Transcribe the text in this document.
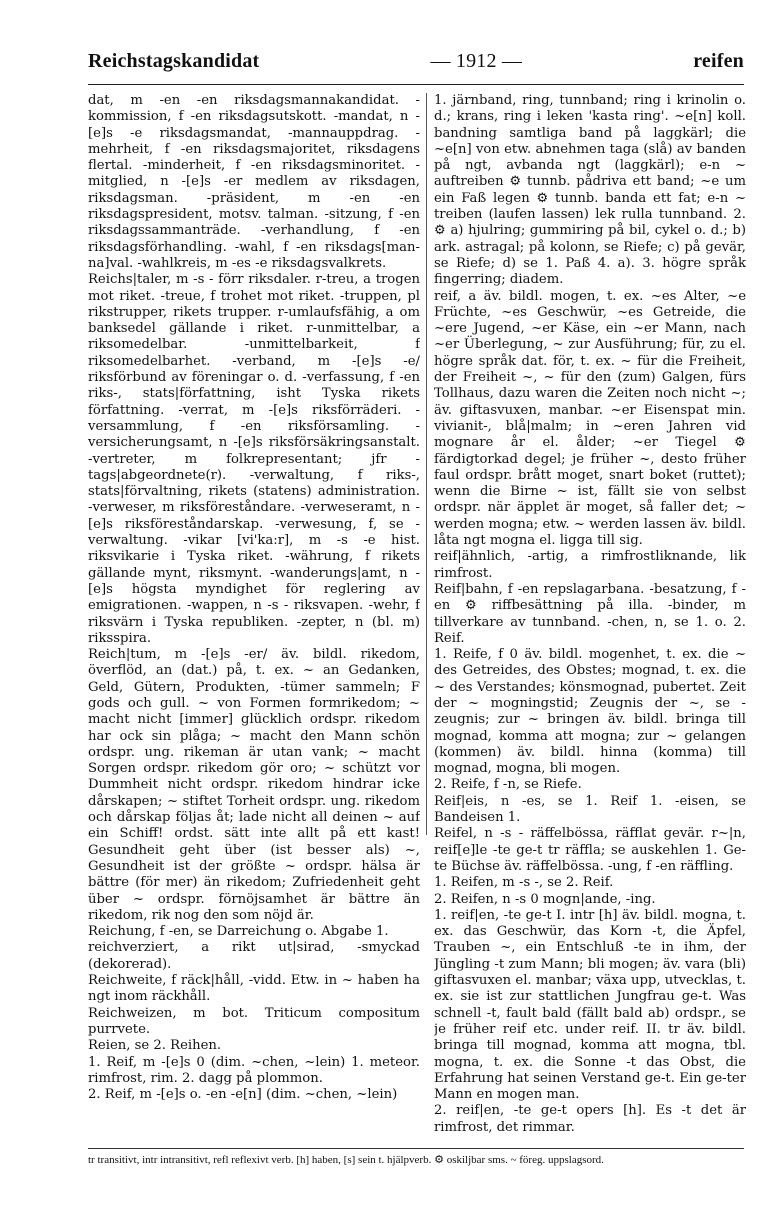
Reichstagskandidat	— 1912 —	reifen

dat, m -en -en riksdagsmannakandidat. -kommission, f -en riksdagsutskott. -mandat, n -[e]s -e riksdagsmandat, -mannauppdrag. -mehrheit, f -en riksdagsmajoritet, riksdagens flertal. -minderheit, f -en riksdagsminoritet. -mitglied, n -[e]s -er medlem av riksdagen, riksdagsman. -präsident, m -en -en riksdagspresident, motsv. talman. -sitzung, f -en riksdagssammanträde. -verhandlung, f -en riksdagsförhandling. -wahl, f -en riksdags[man-na]val. -wahlkreis, m -es -e riksdagsvalkrets.

Reichs|taler, m -s - förr riksdaler. r-treu, a trogen mot riket. -treue, f trohet mot riket. -truppen, pl rikstrupper, rikets trupper. r-umlaufsfähig, a om banksedel gällande i riket. r-unmittelbar, a riksomedelbar. -unmittelbarkeit, f riksomedelbarhet. -verband, m -[e]s -e/ riksförbund av föreningar o. d. -verfassung, f -en riks-, stats|författning, isht Tyska rikets författning. -verrat, m -[e]s riksförräderi. -versammlung, f -en riksförsamling. -versicherungsamt, n -[e]s riksförsäkringsanstalt. -vertreter, m folkrepresentant; jfr -tags|abgeordnete(r). -verwaltung, f riks-, stats|förvaltning, rikets (statens) administration. -verweser, m riksföreståndare. -verweseramt, n -[e]s riksföreståndarskap. -verwesung, f, se -verwaltung. -vikar [vi'ka:r], m -s -e hist. riksvikarie i Tyska riket. -währung, f rikets gällande mynt, riksmynt. -wanderungs|amt, n -[e]s högsta myndighet för reglering av emigrationen. -wappen, n -s - riksvapen. -wehr, f riksvärn i Tyska republiken. -zepter, n (bl. m) riksspira.

Reich|tum, m -[e]s -er/ äv. bildl. rikedom, överflöd, an (dat.) på, t. ex. ~ an Gedanken, Geld, Gütern, Produkten, -tümer sammeln; F gods och gull. ~ von Formen formrikedom; ~ macht nicht [immer] glücklich ordspr. rikedom har ock sin plåga; ~ macht den Mann schön ordspr. ung. rikeman är utan vank; ~ macht Sorgen ordspr. rikedom gör oro; ~ schützt vor Dummheit nicht ordspr. rikedom hindrar icke dårskapen; ~ stiftet Torheit ordspr. ung. rikedom och dårskap följas åt; lade nicht all deinen ~ auf ein Schiff! ordst. sätt inte allt på ett kast! Gesundheit geht über (ist besser als) ~, Gesundheit ist der größte ~ ordspr. hälsa är bättre (för mer) än rikedom; Zufriedenheit geht über ~ ordspr. förnöjsamhet är bättre än rikedom, rik nog den som nöjd är.

Reichung, f -en, se Darreichung o. Abgabe 1.

reichverziert, a rikt ut|sirad, -smyckad (dekorerad).

Reichweite, f räck|håll, -vidd. Etw. in ~ haben ha ngt inom räckhåll.

Reichweizen, m bot. Triticum compositum purrvete.

Reien, se 2. Reihen.

1. Reif, m -[e]s 0 (dim. ~chen, ~lein) 1. meteor. rimfrost, rim. 2. dagg på plommon.

2. Reif, m -[e]s o. -en -e[n] (dim. ~chen, ~lein)

1. järnband, ring, tunnband; ring i krinolin o. d.; krans, ring i leken 'kasta ring'. ~e[n] koll. bandning samtliga band på laggkärl; die ~e[n] von etw. abnehmen taga (slå) av banden på ngt, avbanda ngt (laggkärl); e-n ~ auftreiben ⚙ tunnb. pådriva ett band; ~e um ein Faß legen ⚙ tunnb. banda ett fat; e-n ~ treiben (laufen lassen) lek rulla tunnband. 2. ⚙ a) hjulring; gummiring på bil, cykel o. d.; b) ark. astragal; på kolonn, se Riefe; c) på gevär, se Riefe; d) se 1. Paß 4. a). 3. högre språk fingerring; diadem.

reif, a äv. bildl. mogen, t. ex. ~es Alter, ~e Früchte, ~es Geschwür, ~es Getreide, die ~ere Jugend, ~er Käse, ein ~er Mann, nach ~er Überlegung, ~ zur Ausführung; für, zu el. högre språk dat. för, t. ex. ~ für die Freiheit, der Freiheit ~, ~ für den (zum) Galgen, fürs Tollhaus, dazu waren die Zeiten noch nicht ~; äv. giftasvuxen, manbar. ~er Eisenspat min. vivianit-, blå|malm; in ~eren Jahren vid mognare år el. ålder; ~er Tiegel ⚙ färdigtorkad degel; je früher ~, desto früher faul ordspr. brått moget, snart boket (ruttet); wenn die Birne ~ ist, fällt sie von selbst ordspr. när äpplet är moget, så faller det; ~ werden mogna; etw. ~ werden lassen äv. bildl. låta ngt mogna el. ligga till sig.

reif|ähnlich, -artig, a rimfrostliknande, lik rimfrost.

Reif|bahn, f -en repslagarbana. -besatzung, f -en ⚙ riffbesättning på illa. -binder, m tillverkare av tunnband. -chen, n, se 1. o. 2. Reif.

1. Reife, f 0 äv. bildl. mogenhet, t. ex. die ~ des Getreides, des Obstes; mognad, t. ex. die ~ des Verstandes; könsmognad, pubertet. Zeit der ~ mogningstid; Zeugnis der ~, se -zeugnis; zur ~ bringen äv. bildl. bringa till mognad, komma att mogna; zur ~ gelangen (kommen) äv. bildl. hinna (komma) till mognad, mogna, bli mogen.

2. Reife, f -n, se Riefe.

Reif|eis, n -es, se 1. Reif 1. -eisen, se Bandeisen 1.

Reifel, n -s - räffelbössa, räfflat gevär. r~|n, reif[e]le -te ge-t tr räffla; se auskehlen 1. Ge-te Büchse äv. räffelbössa. -ung, f -en räffling.

1. Reifen, m -s -, se 2. Reif.

2. Reifen, n -s 0 mogn|ande, -ing.

1. reif|en, -te ge-t I. intr [h] äv. bildl. mogna, t. ex. das Geschwür, das Korn -t, die Äpfel, Trauben ~, ein Entschluß -te in ihm, der Jüngling -t zum Mann; bli mogen; äv. vara (bli) giftasvuxen el. manbar; växa upp, utvecklas, t. ex. sie ist zur stattlichen Jungfrau ge-t. Was schnell -t, fault bald (fällt bald ab) ordspr., se je früher reif etc. under reif. II. tr äv. bildl. bringa till mognad, komma att mogna, tbl. mogna, t. ex. die Sonne -t das Obst, die Erfahrung hat seinen Verstand ge-t. Ein ge-ter Mann en mogen man.

2. reif|en, -te ge-t opers [h]. Es -t det är rimfrost, det rimmar.

tr transitivt, intr intransitivt, refl reflexivt verb. [h] haben, [s] sein t. hjälpverb. ⚙ oskiljbar sms. ~ föreg. uppslagsord.
